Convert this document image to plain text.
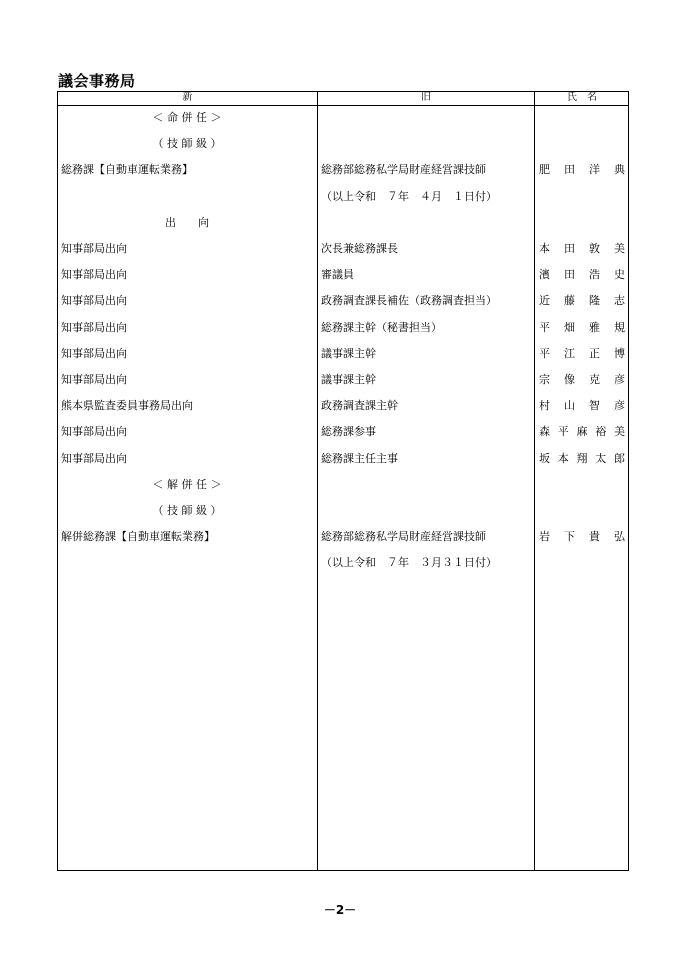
議会事務局
新	旧	氏　名
＜ 命 併 任 ＞
（ 技 師 級 ）
総務課【自動車運転業務】	総務部総務私学局財産経営課技師	肥 田 洋 典
（以上令和　７年　４月　１日付）
出　　向
知事部局出向	次長兼総務課長	本 田 敦 美
知事部局出向	審議員	濱 田 浩 史
知事部局出向	政務調査課長補佐（政務調査担当）	近 藤 隆 志
知事部局出向	総務課主幹（秘書担当）	平 畑 雅 規
知事部局出向	議事課主幹	平 江 正 博
知事部局出向	議事課主幹	宗 像 克 彦
熊本県監査委員事務局出向	政務調査課主幹	村 山 智 彦
知事部局出向	総務課参事	森 平 麻 裕 美
知事部局出向	総務課主任主事	坂 本 翔 太 郎
＜ 解 併 任 ＞
（ 技 師 級 ）
解併総務課【自動車運転業務】	総務部総務私学局財産経営課技師	岩 下 貴 弘
（以上令和　７年　３月３１日付）
－2－
